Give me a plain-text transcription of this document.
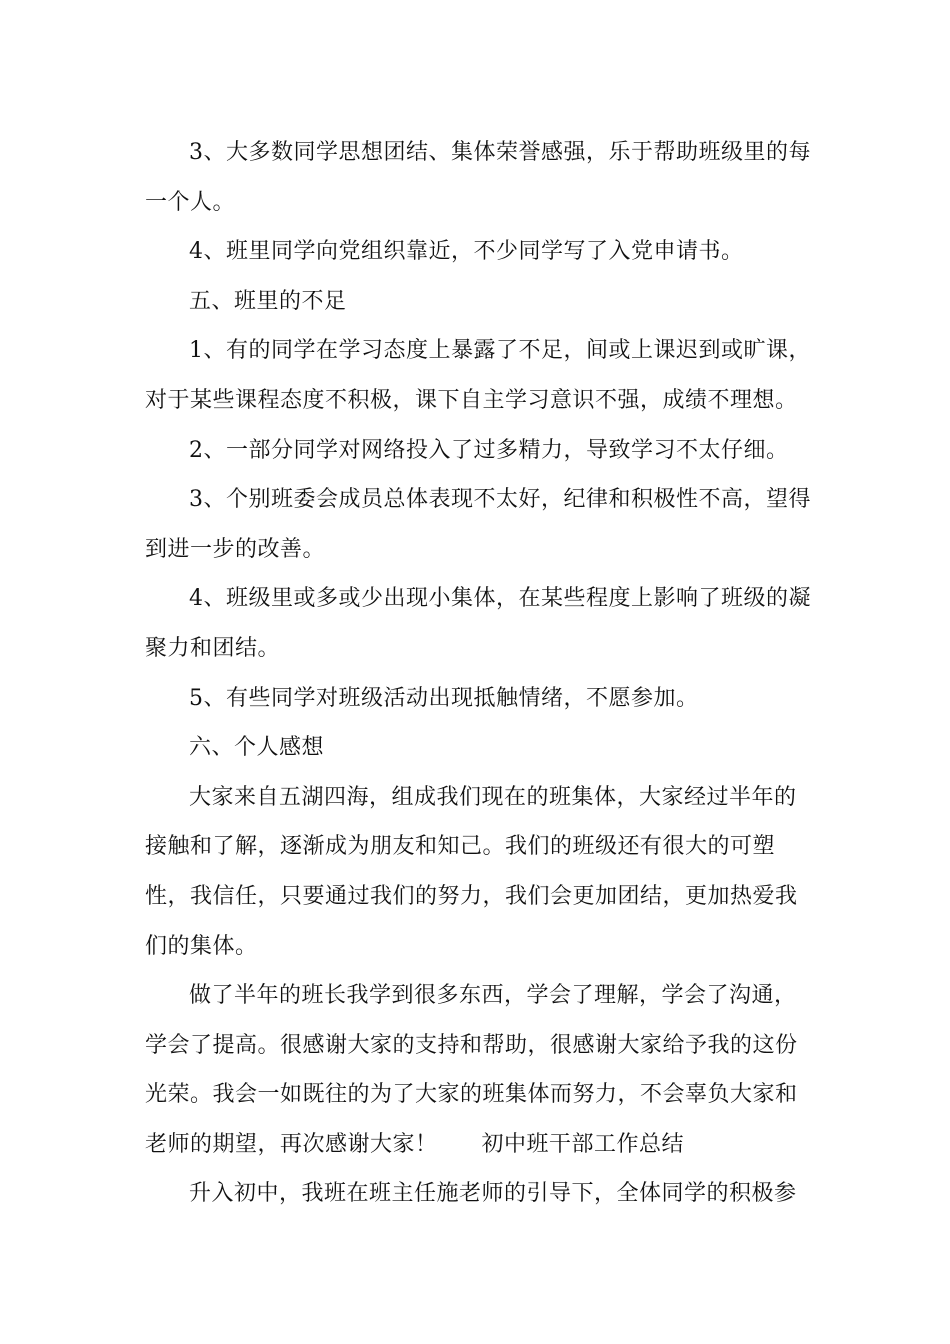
3、大多数同学思想团结、集体荣誉感强，乐于帮助班级里的每一个人。

4、班里同学向党组织靠近，不少同学写了入党申请书。

五、班里的不足

1、有的同学在学习态度上暴露了不足，间或上课迟到或旷课，对于某些课程态度不积极，课下自主学习意识不强，成绩不理想。

2、一部分同学对网络投入了过多精力，导致学习不太仔细。

3、个别班委会成员总体表现不太好，纪律和积极性不高，望得到进一步的改善。

4、班级里或多或少出现小集体，在某些程度上影响了班级的凝聚力和团结。

5、有些同学对班级活动出现抵触情绪，不愿参加。

六、个人感想

大家来自五湖四海，组成我们现在的班集体，大家经过半年的接触和了解，逐渐成为朋友和知己。我们的班级还有很大的可塑性，我信任，只要通过我们的努力，我们会更加团结，更加热爱我们的集体。

做了半年的班长我学到很多东西，学会了理解，学会了沟通，学会了提高。很感谢大家的支持和帮助，很感谢大家给予我的这份光荣。我会一如既往的为了大家的班集体而努力，不会辜负大家和老师的期望，再次感谢大家！ 初中班干部工作总结

升入初中，我班在班主任施老师的引导下，全体同学的积极参
